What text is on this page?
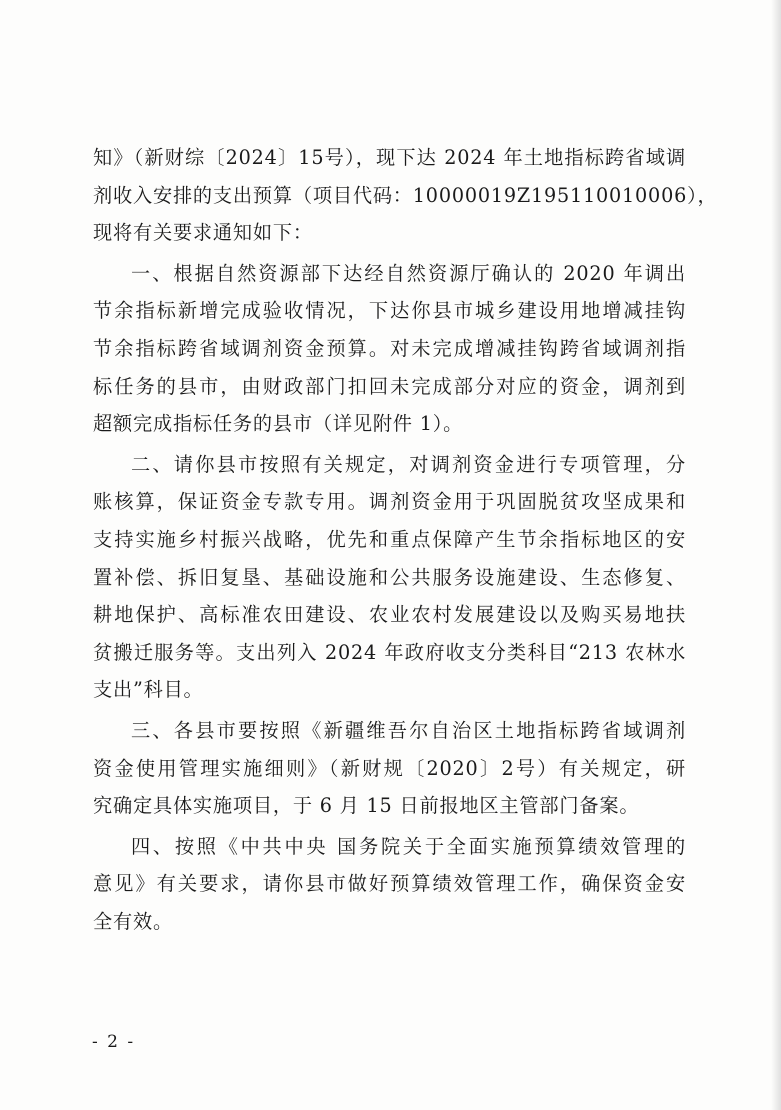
知》（新财综〔2024〕15号），现下达 2024 年土地指标跨省域调
剂收入安排的支出预算（项目代码：10000019Z195110010006），
现将有关要求通知如下：
一、根据自然资源部下达经自然资源厅确认的 2020 年调出
节余指标新增完成验收情况，下达你县市城乡建设用地增减挂钩
节余指标跨省域调剂资金预算。对未完成增减挂钩跨省域调剂指
标任务的县市，由财政部门扣回未完成部分对应的资金，调剂到
超额完成指标任务的县市（详见附件 1）。
二、请你县市按照有关规定，对调剂资金进行专项管理，分
账核算，保证资金专款专用。调剂资金用于巩固脱贫攻坚成果和
支持实施乡村振兴战略，优先和重点保障产生节余指标地区的安
置补偿、拆旧复垦、基础设施和公共服务设施建设、生态修复、
耕地保护、高标准农田建设、农业农村发展建设以及购买易地扶
贫搬迁服务等。支出列入 2024 年政府收支分类科目“213 农林水
支出”科目。
三、各县市要按照《新疆维吾尔自治区土地指标跨省域调剂
资金使用管理实施细则》（新财规〔2020〕2号）有关规定，研
究确定具体实施项目，于 6 月 15 日前报地区主管部门备案。
四、按照《中共中央 国务院关于全面实施预算绩效管理的
意见》有关要求，请你县市做好预算绩效管理工作，确保资金安
全有效。
- 2 -
